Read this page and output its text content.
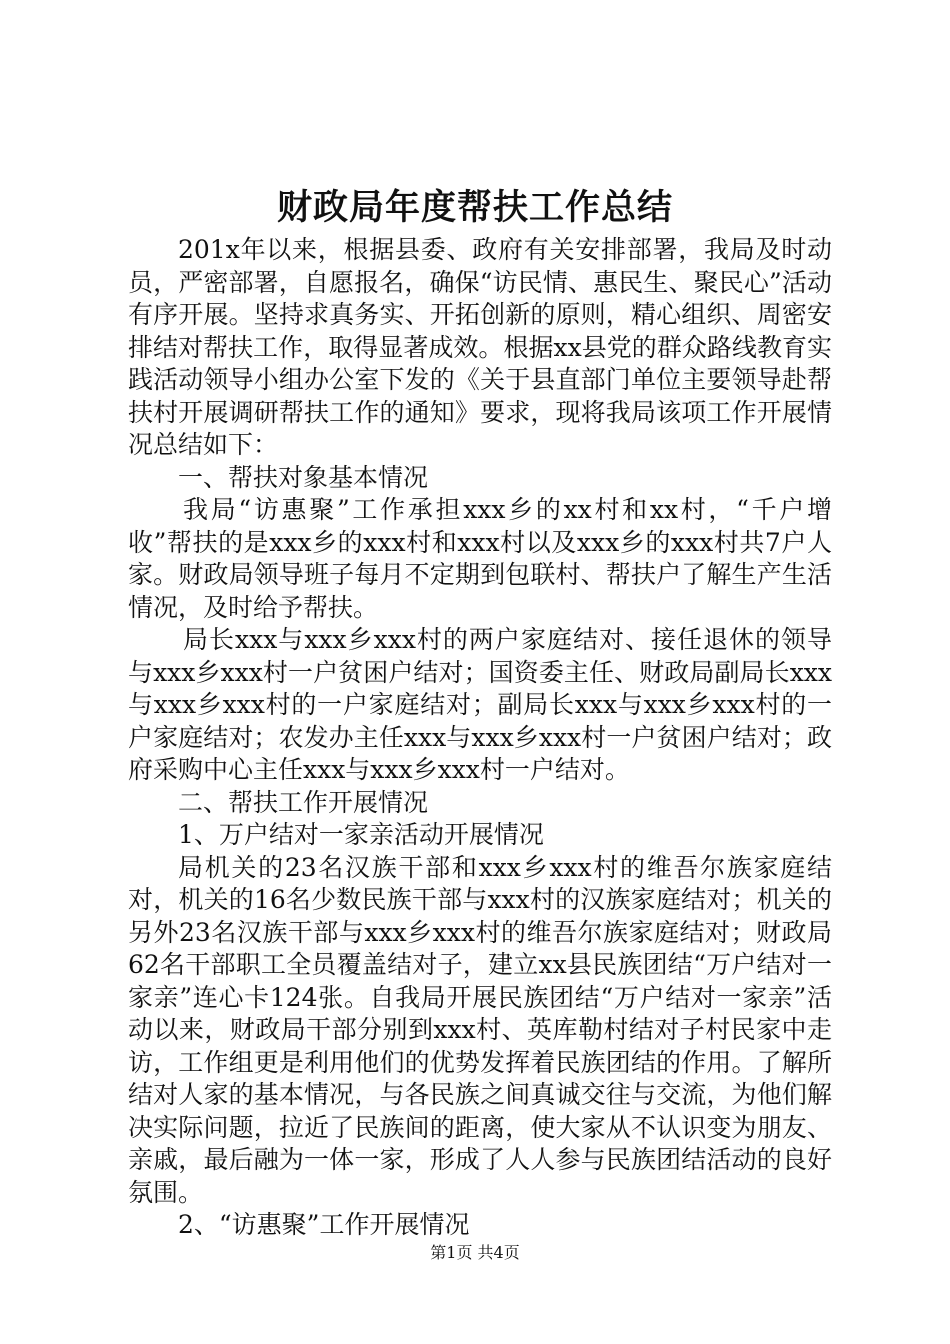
财政局年度帮扶工作总结

201x年以来，根据县委、政府有关安排部署，我局及时动员，严密部署，自愿报名，确保“访民情、惠民生、聚民心”活动有序开展。坚持求真务实、开拓创新的原则，精心组织、周密安排结对帮扶工作，取得显著成效。根据xx县党的群众路线教育实践活动领导小组办公室下发的《关于县直部门单位主要领导赴帮扶村开展调研帮扶工作的通知》要求，现将我局该项工作开展情况总结如下：

一、帮扶对象基本情况

我局“访惠聚”工作承担xxx乡的xx村和xx村，“千户增收”帮扶的是xxx乡的xxx村和xxx村以及xxx乡的xxx村共7户人家。财政局领导班子每月不定期到包联村、帮扶户了解生产生活情况，及时给予帮扶。

局长xxx与xxx乡xxx村的两户家庭结对、接任退休的领导与xxx乡xxx村一户贫困户结对；国资委主任、财政局副局长xxx与xxx乡xxx村的一户家庭结对；副局长xxx与xxx乡xxx村的一户家庭结对；农发办主任xxx与xxx乡xxx村一户贫困户结对；政府采购中心主任xxx与xxx乡xxx村一户结对。

二、帮扶工作开展情况

1、万户结对一家亲活动开展情况

局机关的23名汉族干部和xxx乡xxx村的维吾尔族家庭结对，机关的16名少数民族干部与xxx村的汉族家庭结对；机关的另外23名汉族干部与xxx乡xxx村的维吾尔族家庭结对；财政局62名干部职工全员覆盖结对子，建立xx县民族团结“万户结对一家亲”连心卡124张。自我局开展民族团结“万户结对一家亲”活动以来，财政局干部分别到xxx村、英库勒村结对子村民家中走访，工作组更是利用他们的优势发挥着民族团结的作用。了解所结对人家的基本情况，与各民族之间真诚交往与交流，为他们解决实际问题，拉近了民族间的距离，使大家从不认识变为朋友、亲戚，最后融为一体一家，形成了人人参与民族团结活动的良好氛围。

2、“访惠聚”工作开展情况

第1页 共4页
